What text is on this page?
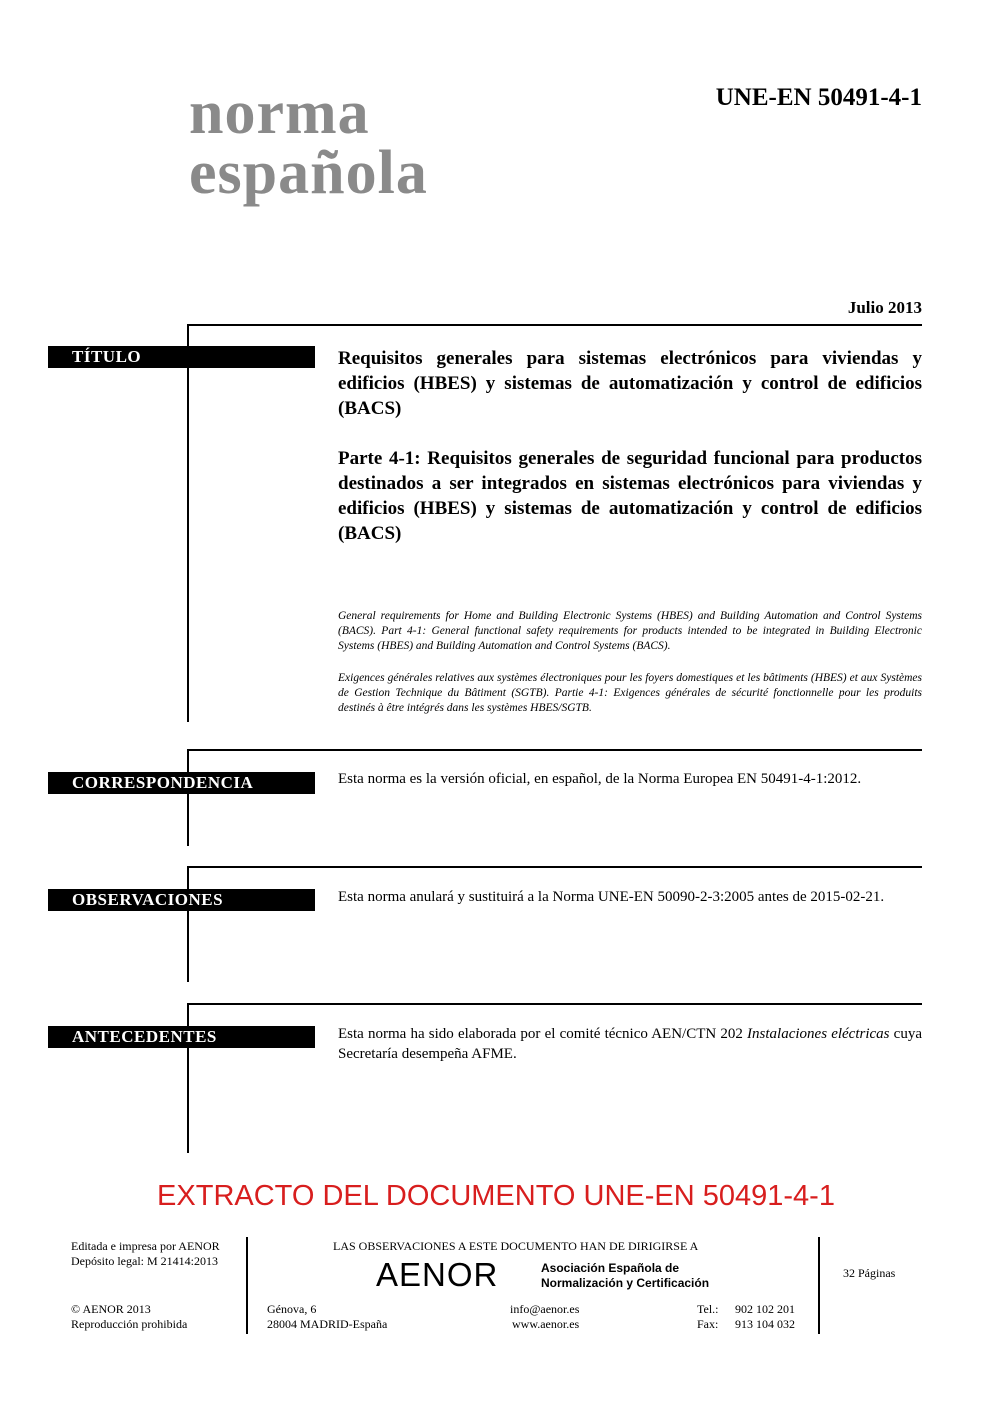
norma
española
UNE-EN 50491-4-1
Julio 2013
TÍTULO	Requisitos generales para sistemas electrónicos para viviendas y edificios (HBES) y sistemas de automatización y control de edificios (BACS)
Parte 4-1: Requisitos generales de seguridad funcional para productos destinados a ser integrados en sistemas electrónicos para viviendas y edificios (HBES) y sistemas de automatización y control de edificios (BACS)
General requirements for Home and Building Electronic Systems (HBES) and Building Automation and Control Systems (BACS). Part 4-1: General functional safety requirements for products intended to be integrated in Building Electronic Systems (HBES) and Building Automation and Control Systems (BACS).
Exigences générales relatives aux systèmes électroniques pour les foyers domestiques et les bâtiments (HBES) et aux Systèmes de Gestion Technique du Bâtiment (SGTB). Partie 4-1: Exigences générales de sécurité fonctionnelle pour les produits destinés à être intégrés dans les systèmes HBES/SGTB.
CORRESPONDENCIA	Esta norma es la versión oficial, en español, de la Norma Europea EN 50491-4-1:2012.
OBSERVACIONES	Esta norma anulará y sustituirá a la Norma UNE-EN 50090-2-3:2005 antes de 2015-02-21.
ANTECEDENTES	Esta norma ha sido elaborada por el comité técnico AEN/CTN 202 Instalaciones eléctricas cuya Secretaría desempeña AFME.
EXTRACTO DEL DOCUMENTO UNE-EN 50491-4-1
Editada e impresa por AENOR
Depósito legal: M 21414:2013
© AENOR 2013
Reproducción prohibida
LAS OBSERVACIONES A ESTE DOCUMENTO HAN DE DIRIGIRSE A
AENOR	Asociación Española de
Normalización y Certificación
Génova, 6
28004 MADRID-España
info@aenor.es
www.aenor.es
Tel.: 902 102 201
Fax: 913 104 032
32 Páginas
